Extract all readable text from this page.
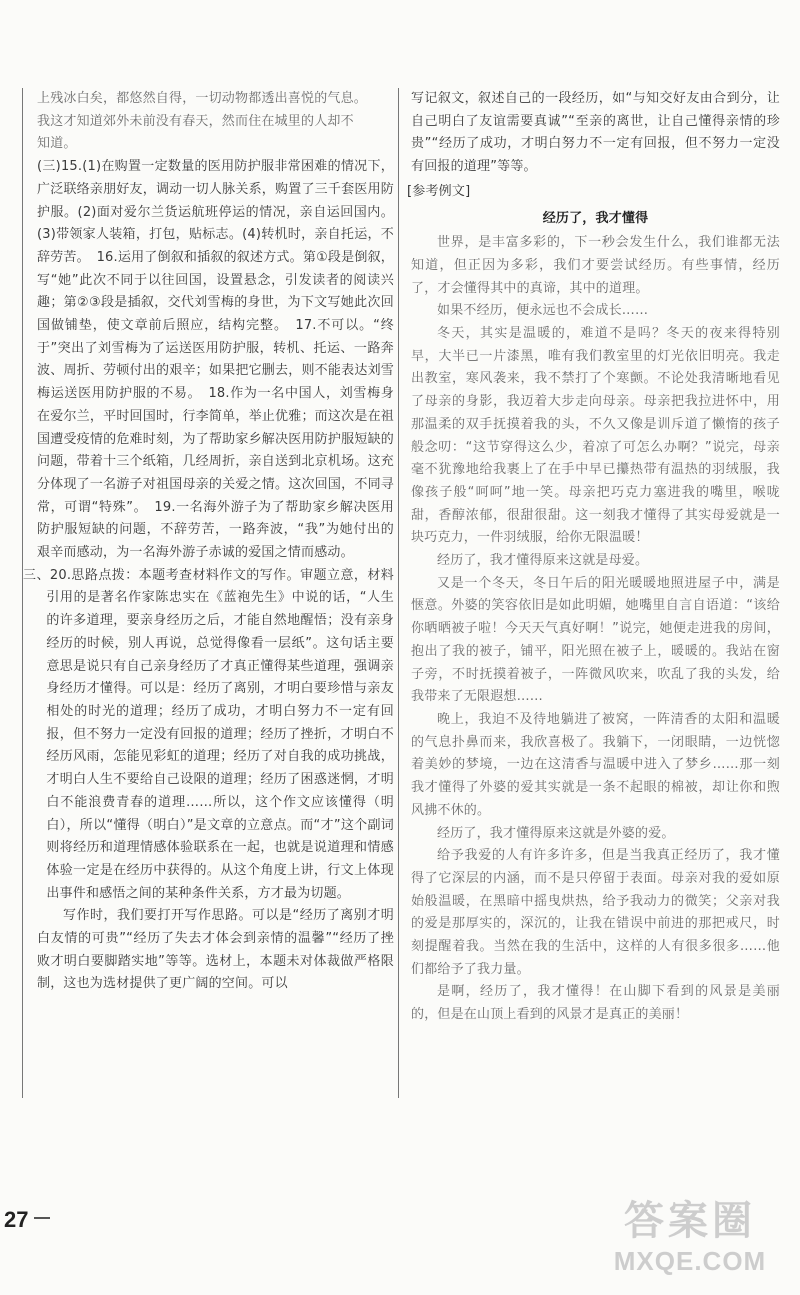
上残冰白矣，都悠然自得，一切动物都透出喜悦的气息。

我这才知道郊外未前没有春天，然而住在城里的人却不

知道。

(三)15.(1)在购置一定数量的医用防护服非常困难的情况下，广泛联络亲朋好友，调动一切人脉关系，购置了三千套医用防护服。(2)面对爱尔兰货运航班停运的情况，亲自运回国内。(3)带领家人装箱，打包，贴标志。(4)转机时，亲自托运，不辞劳苦。　16.运用了倒叙和插叙的叙述方式。第①段是倒叙，写“她”此次不同于以往回国，设置悬念，引发读者的阅读兴趣；第②③段是插叙，交代刘雪梅的身世，为下文写她此次回国做铺垫，使文章前后照应，结构完整。　17.不可以。“终于”突出了刘雪梅为了运送医用防护服，转机、托运、一路奔波、周折、劳顿付出的艰辛；如果把它删去，则不能表达刘雪梅运送医用防护服的不易。　18.作为一名中国人，刘雪梅身在爱尔兰，平时回国时，行李简单，举止优雅；而这次是在祖国遭受疫情的危难时刻，为了帮助家乡解决医用防护服短缺的问题，带着十三个纸箱，几经周折，亲自送到北京机场。这充分体现了一名游子对祖国母亲的关爱之情。这次回国，不同寻常，可谓“特殊”。　19.一名海外游子为了帮助家乡解决医用防护服短缺的问题，不辞劳苦，一路奔波，“我”为她付出的艰辛而感动，为一名海外游子赤诚的爱国之情而感动。

三、20.思路点拨：本题考查材料作文的写作。审题立意，材料引用的是著名作家陈忠实在《蓝袍先生》中说的话，“人生的许多道理，要亲身经历之后，才能自然地醒悟；没有亲身经历的时候，别人再说，总觉得像看一层纸”。这句话主要意思是说只有自己亲身经历了才真正懂得某些道理，强调亲身经历才懂得。可以是：经历了离别，才明白要珍惜与亲友相处的时光的道理；经历了成功，才明白努力不一定有回报，但不努力一定没有回报的道理；经历了挫折，才明白不经历风雨，怎能见彩虹的道理；经历了对自我的成功挑战，才明白人生不要给自己设限的道理；经历了困惑迷惘，才明白不能浪费青春的道理……所以，这个作文应该懂得（明白），所以“懂得（明白）”是文章的立意点。而“才”这个副词则将经历和道理情感体验联系在一起，也就是说道理和情感体验一定是在经历中获得的。从这个角度上讲，行文上体现出事件和感悟之间的某种条件关系，方才最为切题。

写作时，我们要打开写作思路。可以是“经历了离别才明白友情的可贵”“经历了失去才体会到亲情的温馨”“经历了挫败才明白要脚踏实地”等等。选材上，本题未对体裁做严格限制，这也为选材提供了更广阔的空间。可以

写记叙文，叙述自己的一段经历，如“与知交好友由合到分，让自己明白了友谊需要真诚”“至亲的离世，让自己懂得亲情的珍贵”“经历了成功，才明白努力不一定有回报，但不努力一定没有回报的道理”等等。

[参考例文]

经历了，我才懂得

世界，是丰富多彩的，下一秒会发生什么，我们谁都无法知道，但正因为多彩，我们才要尝试经历。有些事情，经历了，才会懂得其中的真谛，其中的道理。

如果不经历，便永远也不会成长……

冬天，其实是温暖的，难道不是吗？冬天的夜来得特别早，大半已一片漆黑，唯有我们教室里的灯光依旧明亮。我走出教室，寒风袭来，我不禁打了个寒颤。不论处我清晰地看见了母亲的身影，我迈着大步走向母亲。母亲把我拉进怀中，用那温柔的双手抚摸着我的头，不久又像是训斥道了懒惰的孩子般念叨：“这节穿得这么少，着凉了可怎么办啊？”说完，母亲毫不犹豫地给我裹上了在手中早已攥热带有温热的羽绒服，我像孩子般“呵呵”地一笑。母亲把巧克力塞进我的嘴里，喉咙甜，香醇浓郁，很甜很甜。这一刻我才懂得了其实母爱就是一块巧克力，一件羽绒服，给你无限温暖！

经历了，我才懂得原来这就是母爱。

又是一个冬天，冬日午后的阳光暖暖地照进屋子中，满是惬意。外婆的笑容依旧是如此明媚，她嘴里自言自语道：“该给你晒晒被子啦！今天天气真好啊！”说完，她便走进我的房间，抱出了我的被子，铺平，阳光照在被子上，暖暖的。我站在窗子旁，不时抚摸着被子，一阵微风吹来，吹乱了我的头发，给我带来了无限遐想……

晚上，我迫不及待地躺进了被窝，一阵清香的太阳和温暖的气息扑鼻而来，我欣喜极了。我躺下，一闭眼睛，一边恍惚着美妙的梦境，一边在这清香与温暖中进入了梦乡……那一刻我才懂得了外婆的爱其实就是一条不起眼的棉被，却让你和煦风拂不休的。

经历了，我才懂得原来这就是外婆的爱。

给予我爱的人有许多许多，但是当我真正经历了，我才懂得了它深层的内涵，而不是只停留于表面。母亲对我的爱如原始般温暖，在黑暗中摇曳烘热，给予我动力的微笑；父亲对我的爱是那厚实的，深沉的，让我在错误中前进的那把戒尺，时刻提醒着我。当然在我的生活中，这样的人有很多很多……他们都给予了我力量。

是啊，经历了，我才懂得！在山脚下看到的风景是美丽的，但是在山顶上看到的风景才是真正的美丽！

27	答案圈
MXQE.COM
